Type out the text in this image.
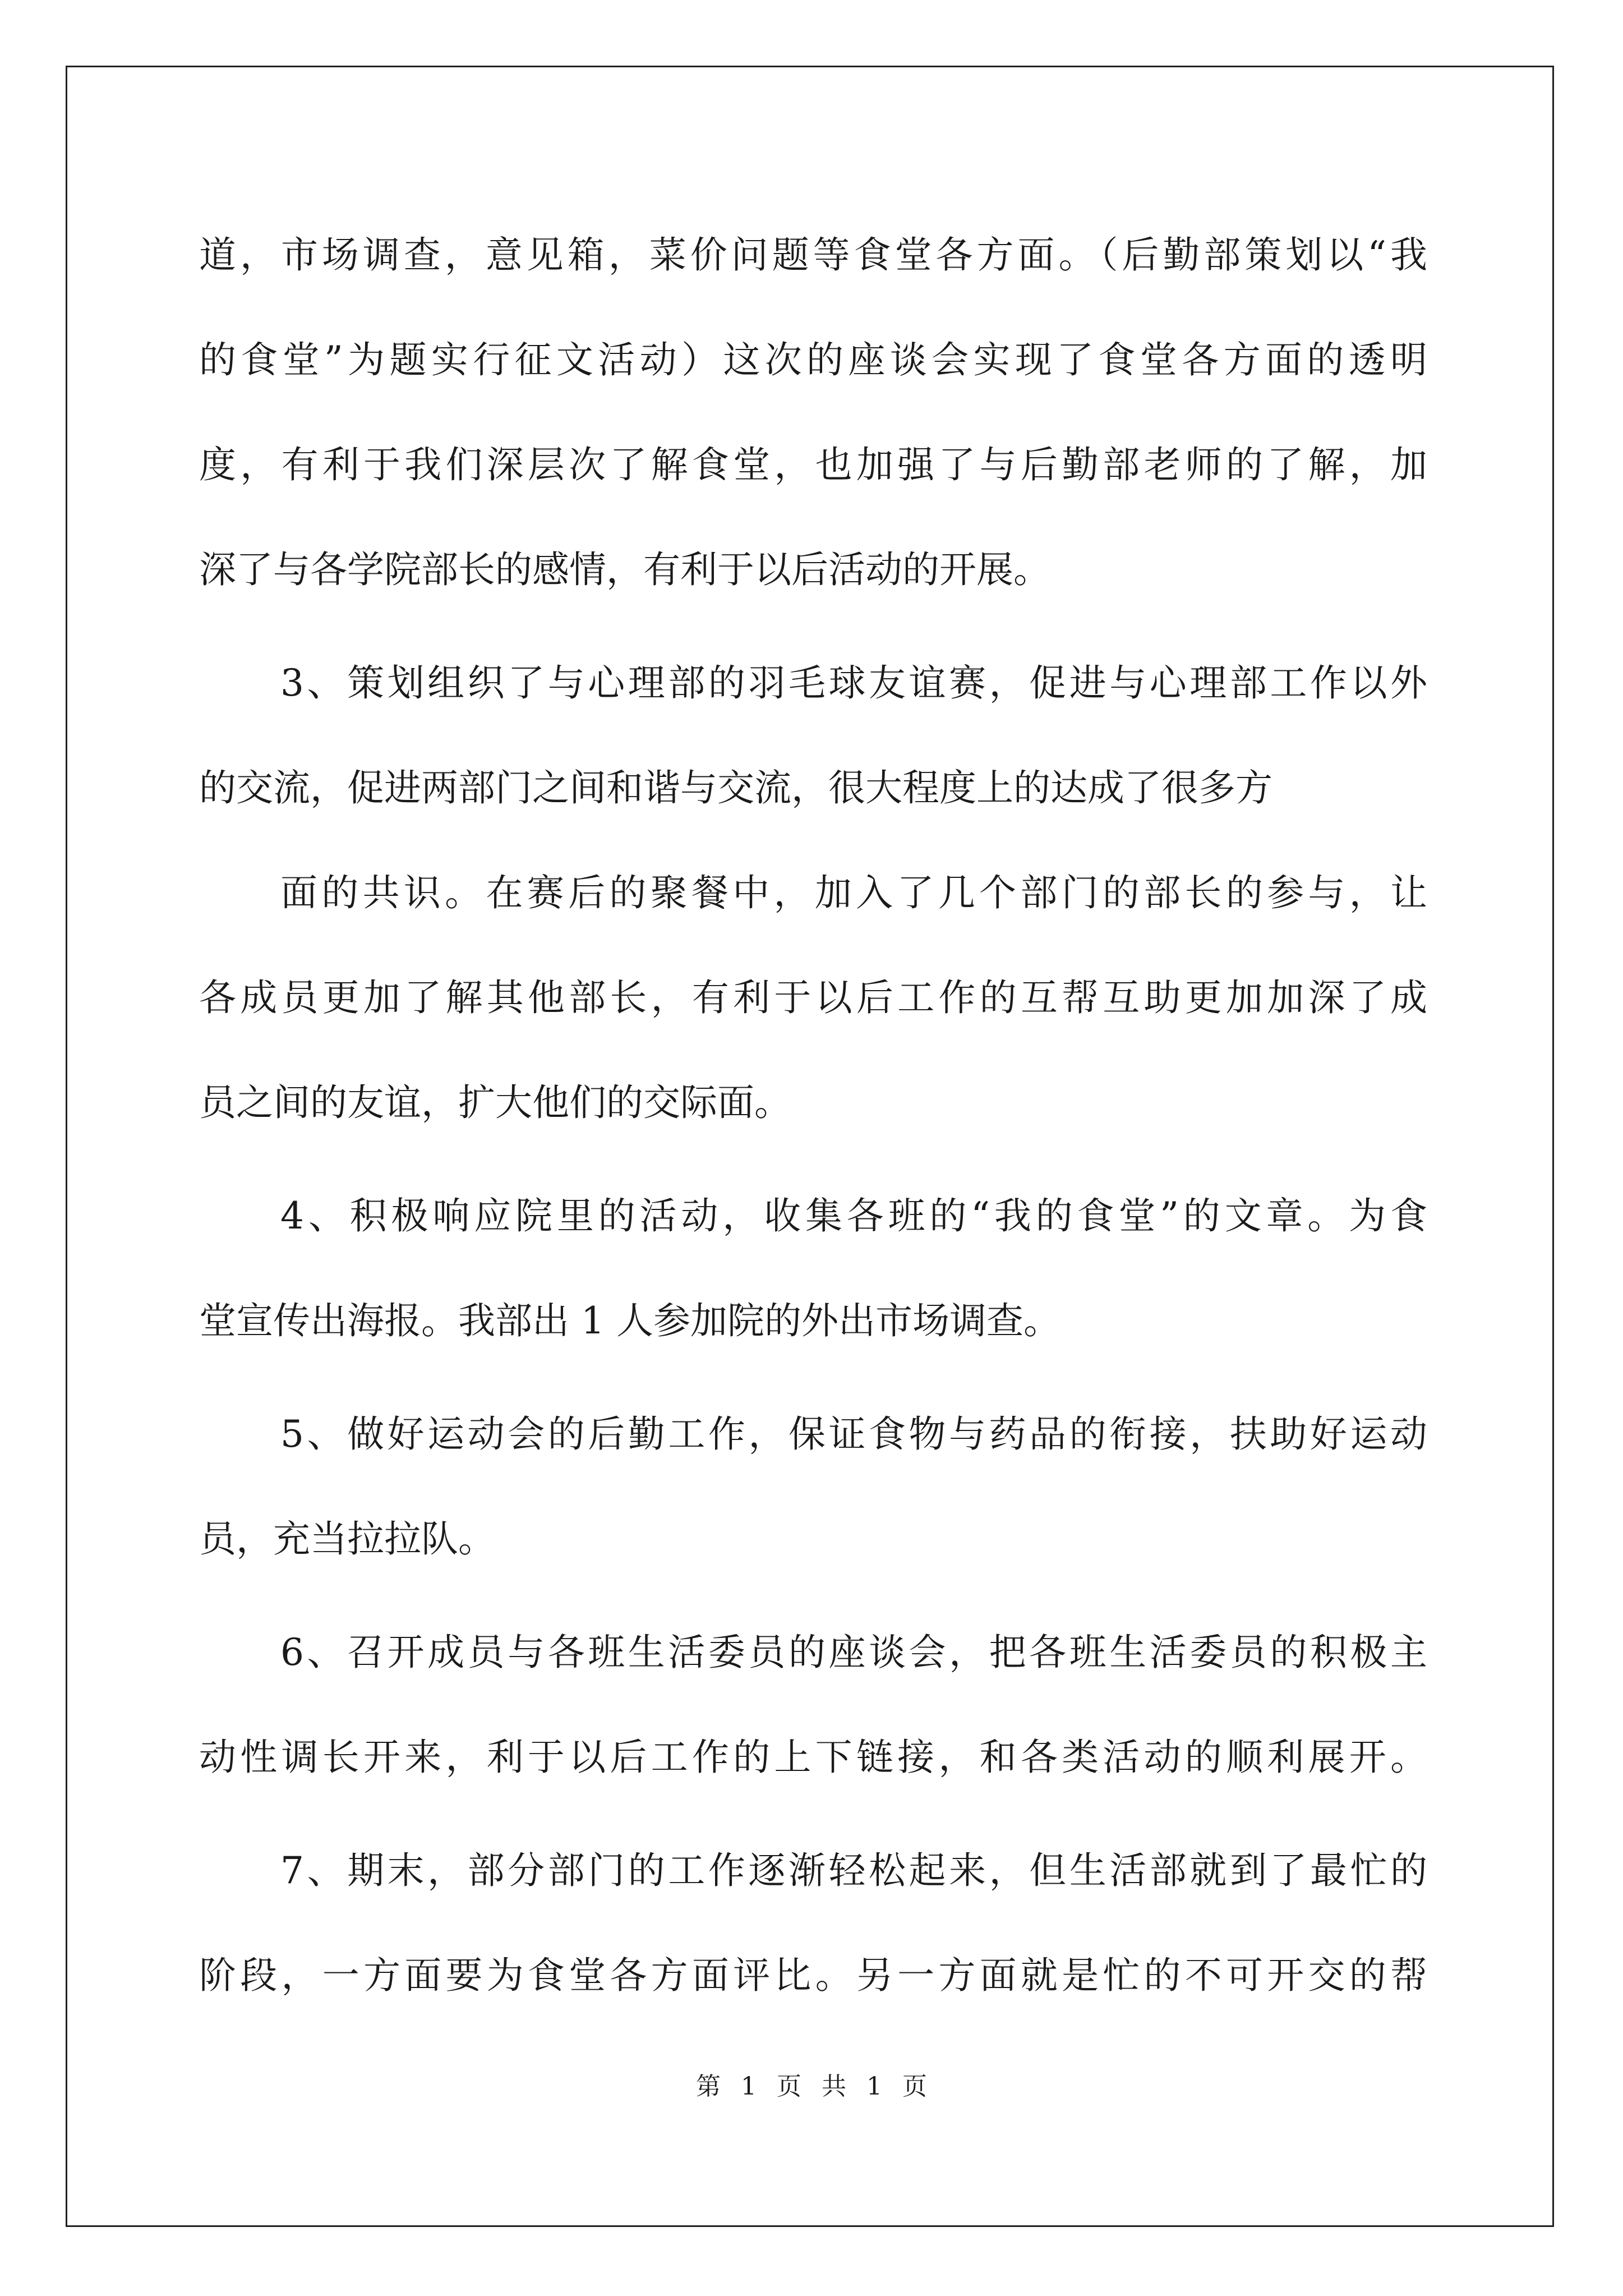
道，市场调查，意见箱，菜价问题等食堂各方面。（后勤部策划以“我
的食堂”为题实行征文活动）这次的座谈会实现了食堂各方面的透明
度，有利于我们深层次了解食堂，也加强了与后勤部老师的了解，加
深了与各学院部长的感情，有利于以后活动的开展。
3、策划组织了与心理部的羽毛球友谊赛，促进与心理部工作以外
的交流，促进两部门之间和谐与交流，很大程度上的达成了很多方
面的共识。在赛后的聚餐中，加入了几个部门的部长的参与，让
各成员更加了解其他部长，有利于以后工作的互帮互助更加加深了成
员之间的友谊，扩大他们的交际面。
4、积极响应院里的活动，收集各班的“我的食堂”的文章。为食
堂宣传出海报。我部出 1 人参加院的外出市场调查。
5、做好运动会的后勤工作，保证食物与药品的衔接，扶助好运动
员，充当拉拉队。
6、召开成员与各班生活委员的座谈会，把各班生活委员的积极主
动性调长开来，利于以后工作的上下链接，和各类活动的顺利展开。
7、期末，部分部门的工作逐渐轻松起来，但生活部就到了最忙的
阶段，一方面要为食堂各方面评比。另一方面就是忙的不可开交的帮
第 1 页 共 1 页
